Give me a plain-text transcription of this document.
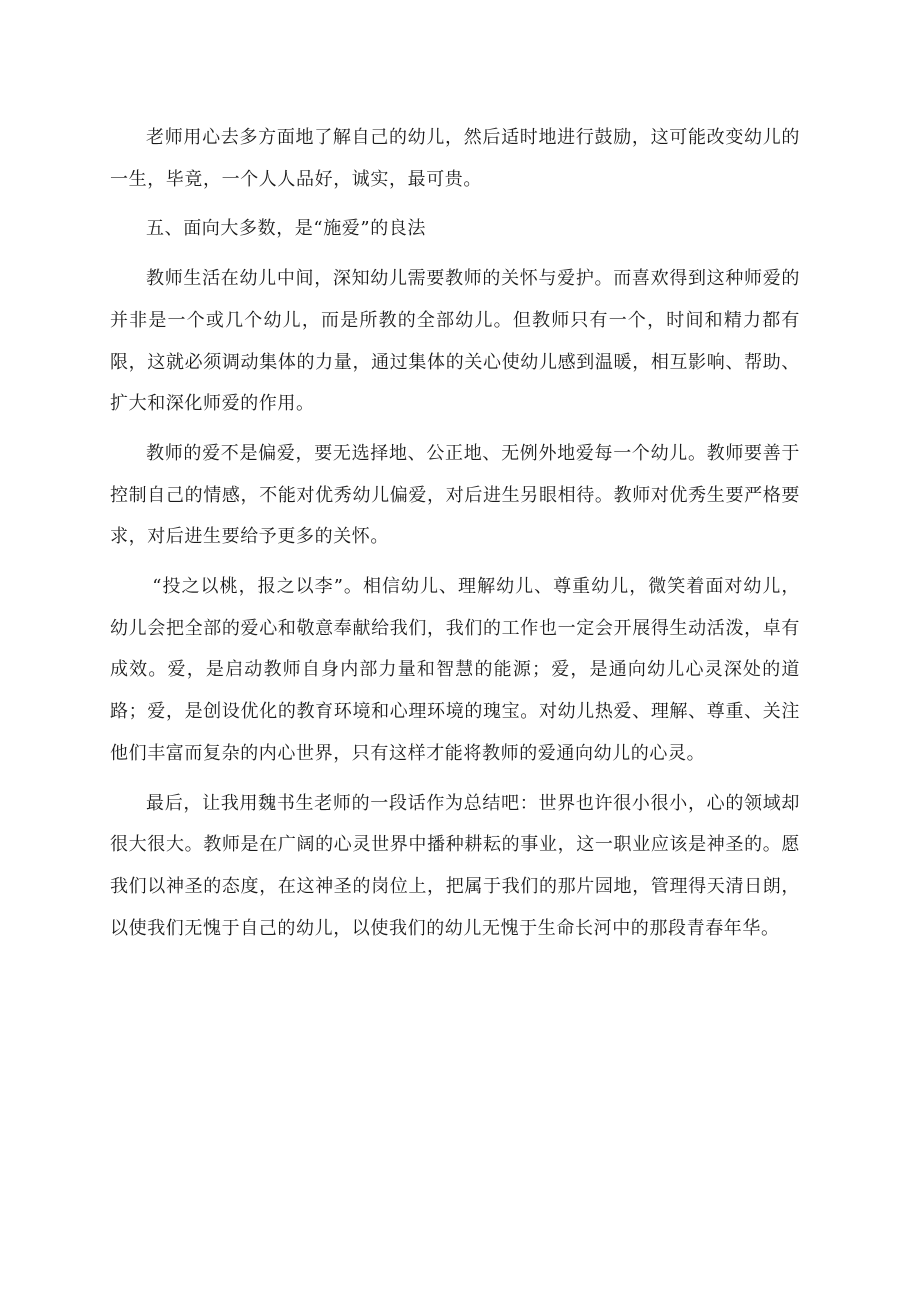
老师用心去多方面地了解自己的幼儿，然后适时地进行鼓励，这可能改变幼儿的一生，毕竟，一个人人品好，诚实，最可贵。

五、面向大多数，是“施爱”的良法

教师生活在幼儿中间，深知幼儿需要教师的关怀与爱护。而喜欢得到这种师爱的并非是一个或几个幼儿，而是所教的全部幼儿。但教师只有一个，时间和精力都有限，这就必须调动集体的力量，通过集体的关心使幼儿感到温暖，相互影响、帮助、扩大和深化师爱的作用。

教师的爱不是偏爱，要无选择地、公正地、无例外地爱每一个幼儿。教师要善于控制自己的情感，不能对优秀幼儿偏爱，对后进生另眼相待。教师对优秀生要严格要求，对后进生要给予更多的关怀。

“投之以桃，报之以李”。相信幼儿、理解幼儿、尊重幼儿，微笑着面对幼儿，幼儿会把全部的爱心和敬意奉献给我们，我们的工作也一定会开展得生动活泼，卓有成效。爱，是启动教师自身内部力量和智慧的能源；爱，是通向幼儿心灵深处的道路；爱，是创设优化的教育环境和心理环境的瑰宝。对幼儿热爱、理解、尊重、关注他们丰富而复杂的内心世界，只有这样才能将教师的爱通向幼儿的心灵。

最后，让我用魏书生老师的一段话作为总结吧：世界也许很小很小，心的领域却很大很大。教师是在广阔的心灵世界中播种耕耘的事业，这一职业应该是神圣的。愿我们以神圣的态度，在这神圣的岗位上，把属于我们的那片园地，管理得天清日朗，以使我们无愧于自己的幼儿，以使我们的幼儿无愧于生命长河中的那段青春年华。
